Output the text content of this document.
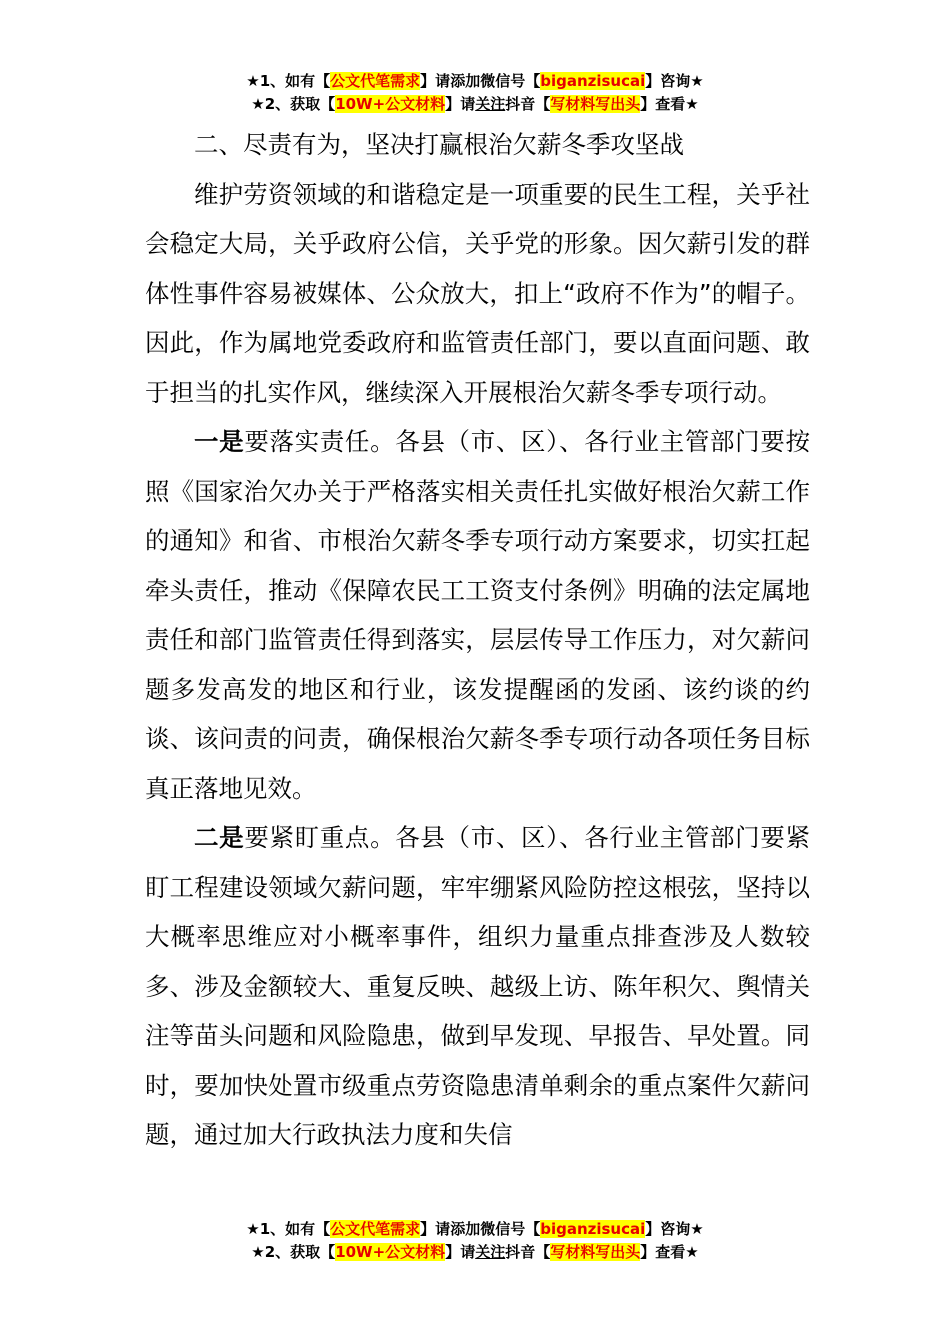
★1、如有【公文代笔需求】请添加微信号【biganzisucai】咨询★
★2、获取【10W+公文材料】请关注抖音【写材料写出头】查看★

二、尽责有为，坚决打赢根治欠薪冬季攻坚战

维护劳资领域的和谐稳定是一项重要的民生工程，关乎社会稳定大局，关乎政府公信，关乎党的形象。因欠薪引发的群体性事件容易被媒体、公众放大，扣上“政府不作为”的帽子。因此，作为属地党委政府和监管责任部门，要以直面问题、敢于担当的扎实作风，继续深入开展根治欠薪冬季专项行动。

一是要落实责任。各县（市、区）、各行业主管部门要按照《国家治欠办关于严格落实相关责任扎实做好根治欠薪工作的通知》和省、市根治欠薪冬季专项行动方案要求，切实扛起牵头责任，推动《保障农民工工资支付条例》明确的法定属地责任和部门监管责任得到落实，层层传导工作压力，对欠薪问题多发高发的地区和行业，该发提醒函的发函、该约谈的约谈、该问责的问责，确保根治欠薪冬季专项行动各项任务目标真正落地见效。

二是要紧盯重点。各县（市、区）、各行业主管部门要紧盯工程建设领域欠薪问题，牢牢绷紧风险防控这根弦，坚持以大概率思维应对小概率事件，组织力量重点排查涉及人数较多、涉及金额较大、重复反映、越级上访、陈年积欠、舆情关注等苗头问题和风险隐患，做到早发现、早报告、早处置。同时，要加快处置市级重点劳资隐患清单剩余的重点案件欠薪问题，通过加大行政执法力度和失信

★1、如有【公文代笔需求】请添加微信号【biganzisucai】咨询★
★2、获取【10W+公文材料】请关注抖音【写材料写出头】查看★
